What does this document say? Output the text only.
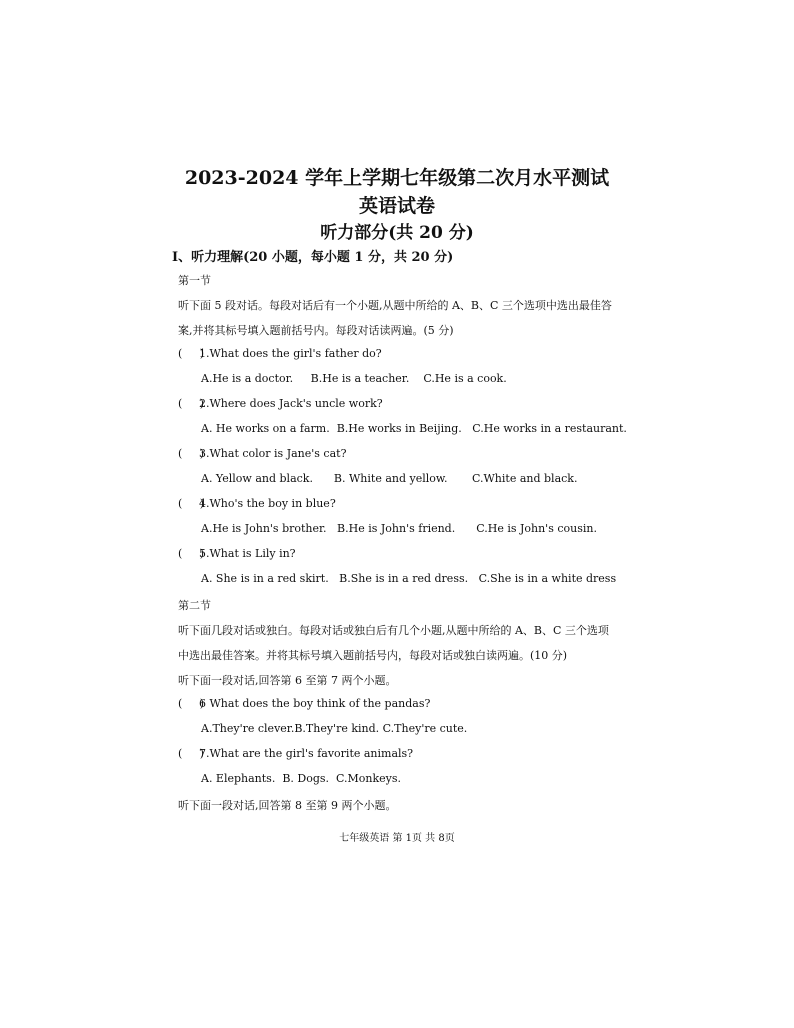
2023-2024 学年上学期七年级第二次月水平测试
英语试卷
听力部分(共 20 分)
Ⅰ、听力理解(20 小题，每小题 1 分，共 20 分)
第一节
听下面 5 段对话。每段对话后有一个小题,从题中所给的 A、B、C 三个选项中选出最佳答
案,并将其标号填入题前括号内。每段对话读两遍。(5 分)
(     )1.What does the girl's father do?
A.He is a doctor.     B.He is a teacher.    C.He is a cook.
(     )2.Where does Jack's uncle work?
A. He works on a farm.  B.He works in Beijing.   C.He works in a restaurant.
(     )3.What color is Jane's cat?
A. Yellow and black.      B. White and yellow.       C.White and black.
(     )4.Who's the boy in blue?
A.He is John's brother.   B.He is John's friend.      C.He is John's cousin.
(     )5.What is Lily in?
A. She is in a red skirt.   B.She is in a red dress.   C.She is in a white dress
第二节
听下面几段对话或独白。每段对话或独白后有几个小题,从题中所给的 A、B、C 三个选项
中选出最佳答案。并将其标号填入题前括号内，每段对话或独白读两遍。(10 分)
听下面一段对话,回答第 6 至第 7 两个小题。
(     )6 What does the boy think of the pandas?
A.They're clever.B.They're kind. C.They're cute.
(     )7.What are the girl's favorite animals?
A. Elephants.  B. Dogs.  C.Monkeys.
听下面一段对话,回答第 8 至第 9 两个小题。
七年级英语 第 1页 共 8页
